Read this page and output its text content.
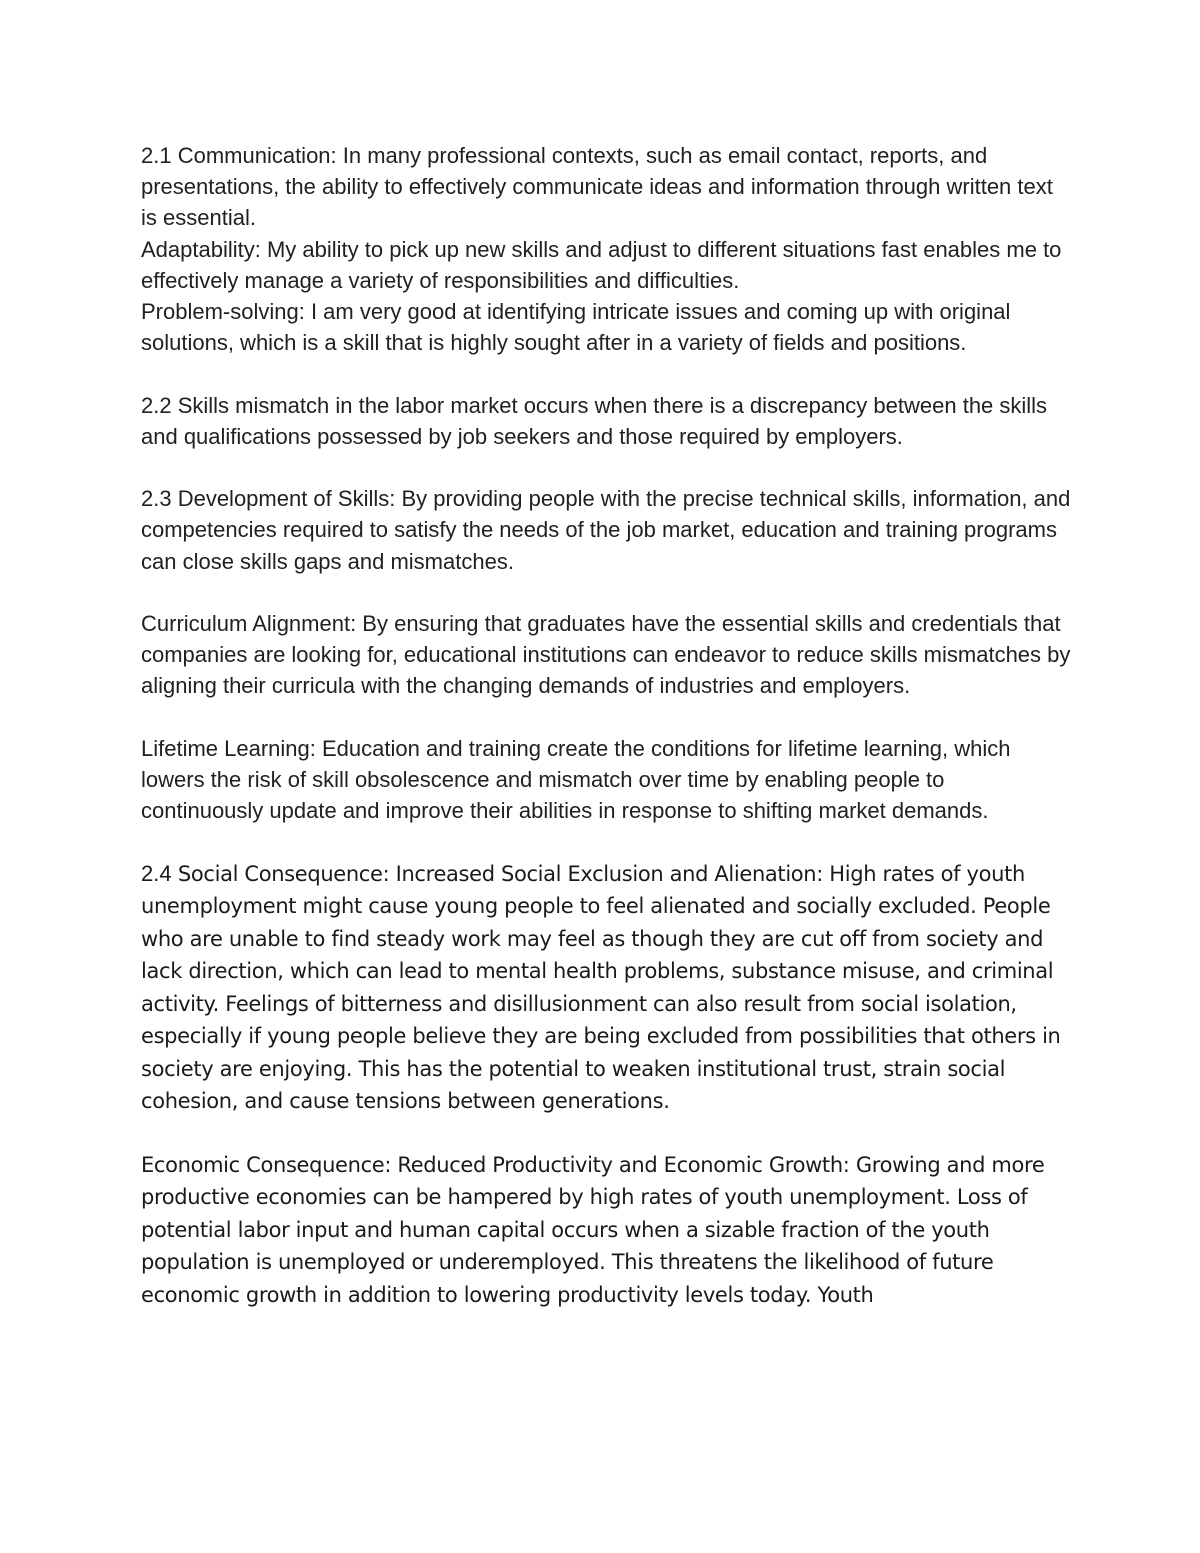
2.1 Communication: In many professional contexts, such as email contact, reports, and presentations, the ability to effectively communicate ideas and information through written text is essential.

Adaptability: My ability to pick up new skills and adjust to different situations fast enables me to effectively manage a variety of responsibilities and difficulties.

Problem-solving: I am very good at identifying intricate issues and coming up with original solutions, which is a skill that is highly sought after in a variety of fields and positions.

2.2 Skills mismatch in the labor market occurs when there is a discrepancy between the skills and qualifications possessed by job seekers and those required by employers.

2.3 Development of Skills: By providing people with the precise technical skills, information, and competencies required to satisfy the needs of the job market, education and training programs can close skills gaps and mismatches.

Curriculum Alignment: By ensuring that graduates have the essential skills and credentials that companies are looking for, educational institutions can endeavor to reduce skills mismatches by aligning their curricula with the changing demands of industries and employers.

Lifetime Learning: Education and training create the conditions for lifetime learning, which lowers the risk of skill obsolescence and mismatch over time by enabling people to continuously update and improve their abilities in response to shifting market demands.

2.4 Social Consequence: Increased Social Exclusion and Alienation: High rates of youth unemployment might cause young people to feel alienated and socially excluded. People who are unable to find steady work may feel as though they are cut off from society and lack direction, which can lead to mental health problems, substance misuse, and criminal activity. Feelings of bitterness and disillusionment can also result from social isolation, especially if young people believe they are being excluded from possibilities that others in society are enjoying. This has the potential to weaken institutional trust, strain social cohesion, and cause tensions between generations.

Economic Consequence: Reduced Productivity and Economic Growth: Growing and more productive economies can be hampered by high rates of youth unemployment. Loss of potential labor input and human capital occurs when a sizable fraction of the youth population is unemployed or underemployed. This threatens the likelihood of future economic growth in addition to lowering productivity levels today. Youth
